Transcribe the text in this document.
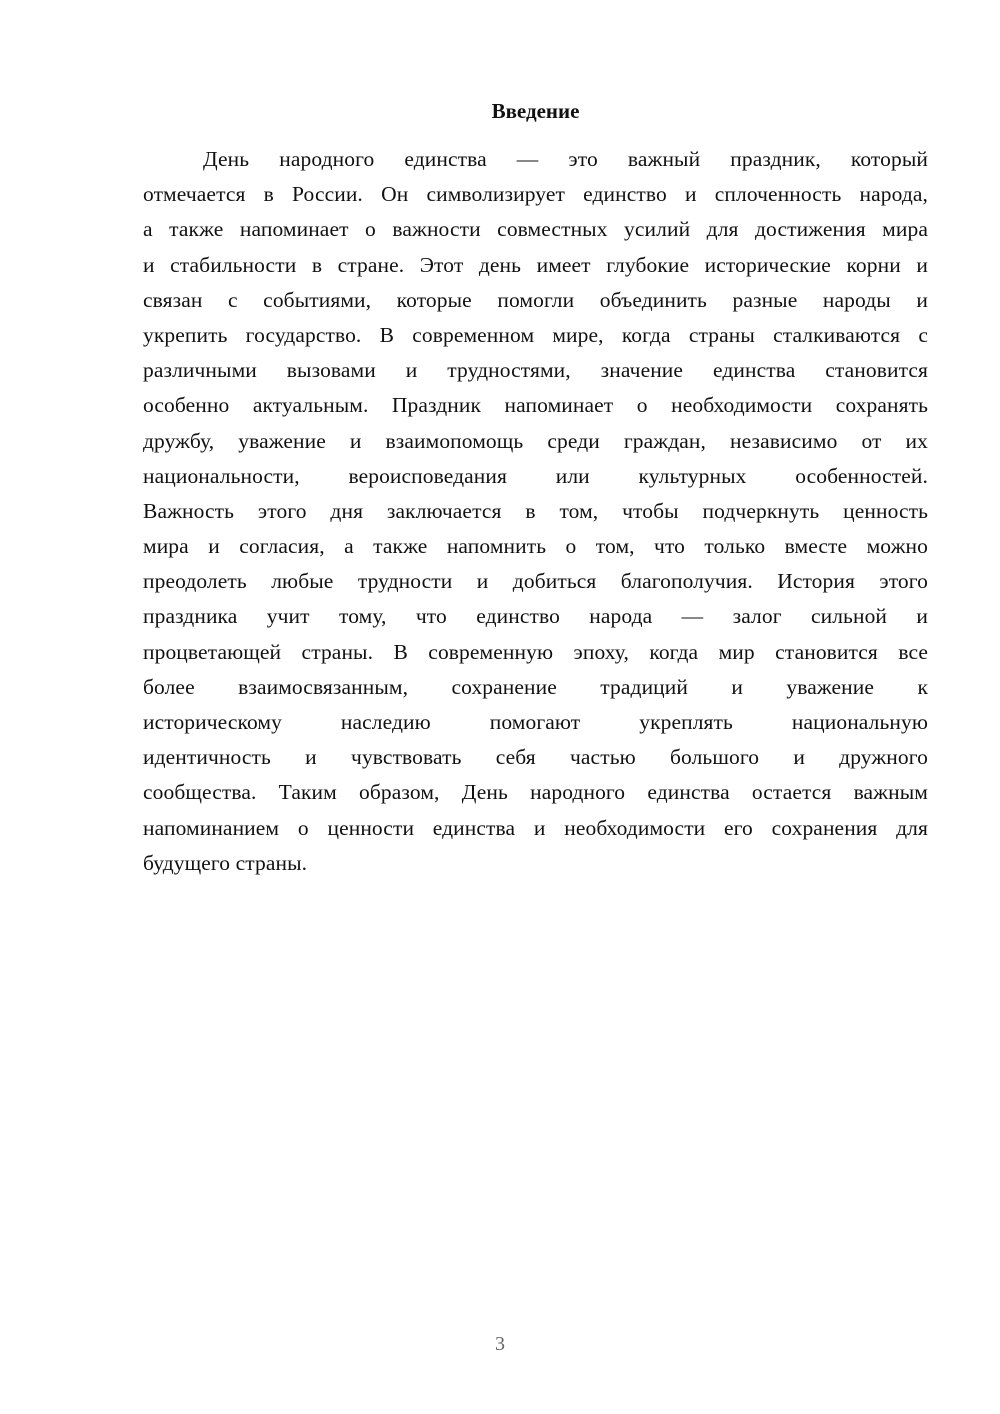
Введение
День народного единства — это важный праздник, который
отмечается в России. Он символизирует единство и сплоченность народа,
а также напоминает о важности совместных усилий для достижения мира
и стабильности в стране. Этот день имеет глубокие исторические корни и
связан с событиями, которые помогли объединить разные народы и
укрепить государство. В современном мире, когда страны сталкиваются с
различными вызовами и трудностями, значение единства становится
особенно актуальным. Праздник напоминает о необходимости сохранять
дружбу, уважение и взаимопомощь среди граждан, независимо от их
национальности, вероисповедания или культурных особенностей.
Важность этого дня заключается в том, чтобы подчеркнуть ценность
мира и согласия, а также напомнить о том, что только вместе можно
преодолеть любые трудности и добиться благополучия. История этого
праздника учит тому, что единство народа — залог сильной и
процветающей страны. В современную эпоху, когда мир становится все
более взаимосвязанным, сохранение традиций и уважение к
историческому наследию помогают укреплять национальную
идентичность и чувствовать себя частью большого и дружного
сообщества. Таким образом, День народного единства остается важным
напоминанием о ценности единства и необходимости его сохранения для
будущего страны.
3
